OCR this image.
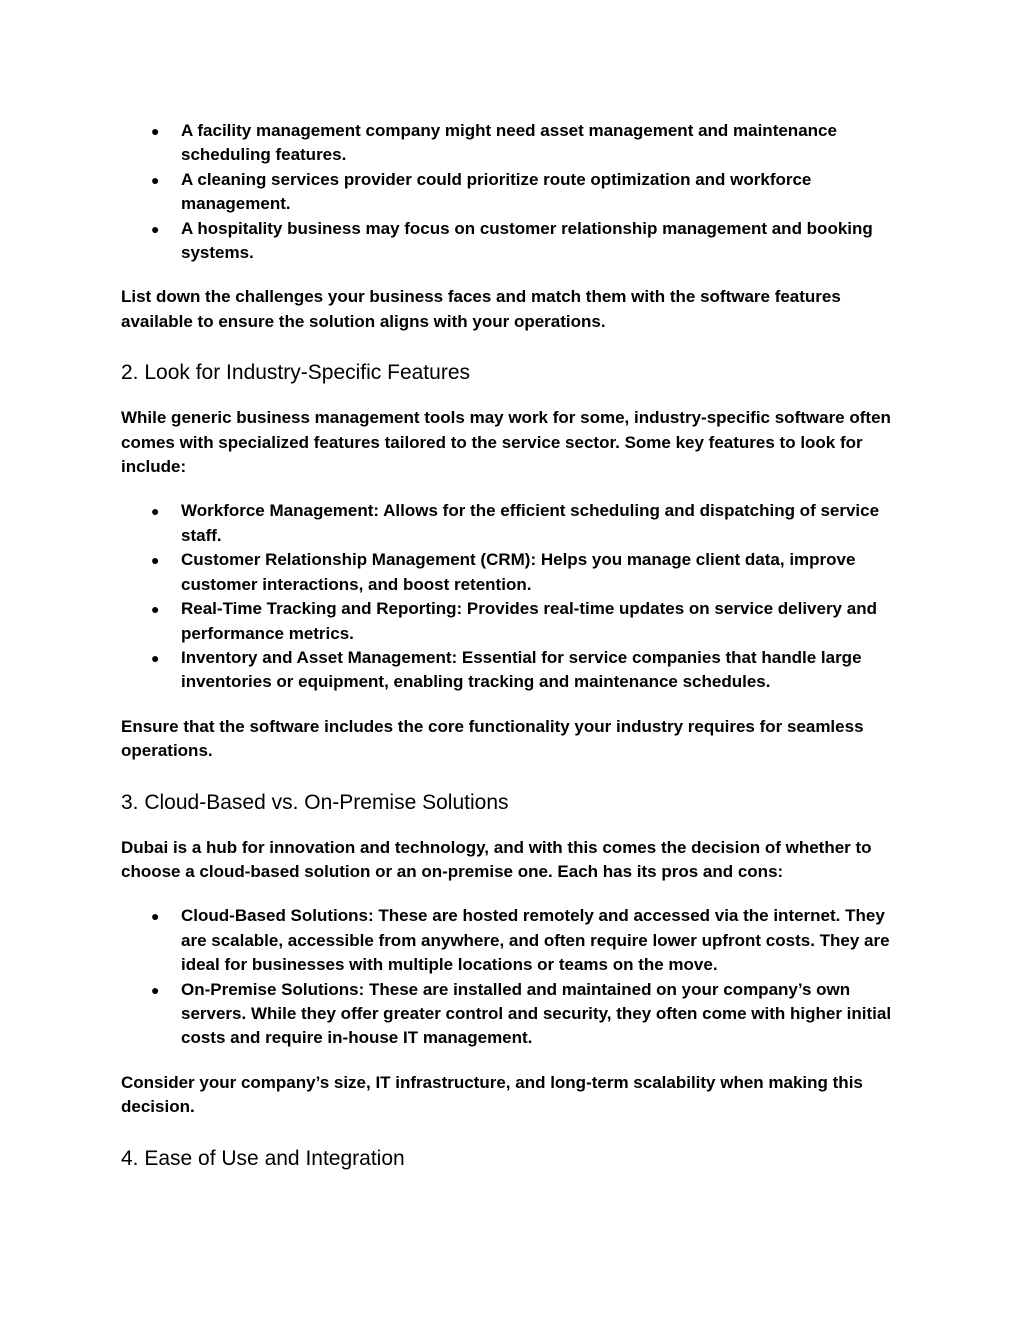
● A facility management company might need asset management and maintenance scheduling features.
● A cleaning services provider could prioritize route optimization and workforce management.
● A hospitality business may focus on customer relationship management and booking systems.

List down the challenges your business faces and match them with the software features available to ensure the solution aligns with your operations.

2. Look for Industry-Specific Features

While generic business management tools may work for some, industry-specific software often comes with specialized features tailored to the service sector. Some key features to look for include:

● Workforce Management: Allows for the efficient scheduling and dispatching of service staff.
● Customer Relationship Management (CRM): Helps you manage client data, improve customer interactions, and boost retention.
● Real-Time Tracking and Reporting: Provides real-time updates on service delivery and performance metrics.
● Inventory and Asset Management: Essential for service companies that handle large inventories or equipment, enabling tracking and maintenance schedules.

Ensure that the software includes the core functionality your industry requires for seamless operations.

3. Cloud-Based vs. On-Premise Solutions

Dubai is a hub for innovation and technology, and with this comes the decision of whether to choose a cloud-based solution or an on-premise one. Each has its pros and cons:

● Cloud-Based Solutions: These are hosted remotely and accessed via the internet. They are scalable, accessible from anywhere, and often require lower upfront costs. They are ideal for businesses with multiple locations or teams on the move.
● On-Premise Solutions: These are installed and maintained on your company’s own servers. While they offer greater control and security, they often come with higher initial costs and require in-house IT management.

Consider your company’s size, IT infrastructure, and long-term scalability when making this decision.

4. Ease of Use and Integration
